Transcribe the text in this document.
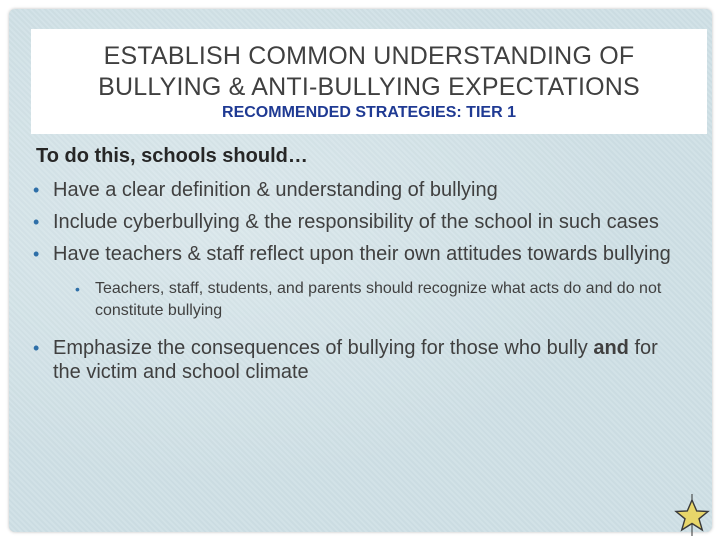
ESTABLISH COMMON UNDERSTANDING OF
BULLYING & ANTI-BULLYING EXPECTATIONS
RECOMMENDED STRATEGIES: TIER 1
To do this, schools should…
• Have a clear definition & understanding of bullying
• Include cyberbullying & the responsibility of the school in such cases
• Have teachers & staff reflect upon their own attitudes towards bullying
• Teachers, staff, students, and parents should recognize what acts do and do not constitute bullying
• Emphasize the consequences of bullying for those who bully and for the victim and school climate
